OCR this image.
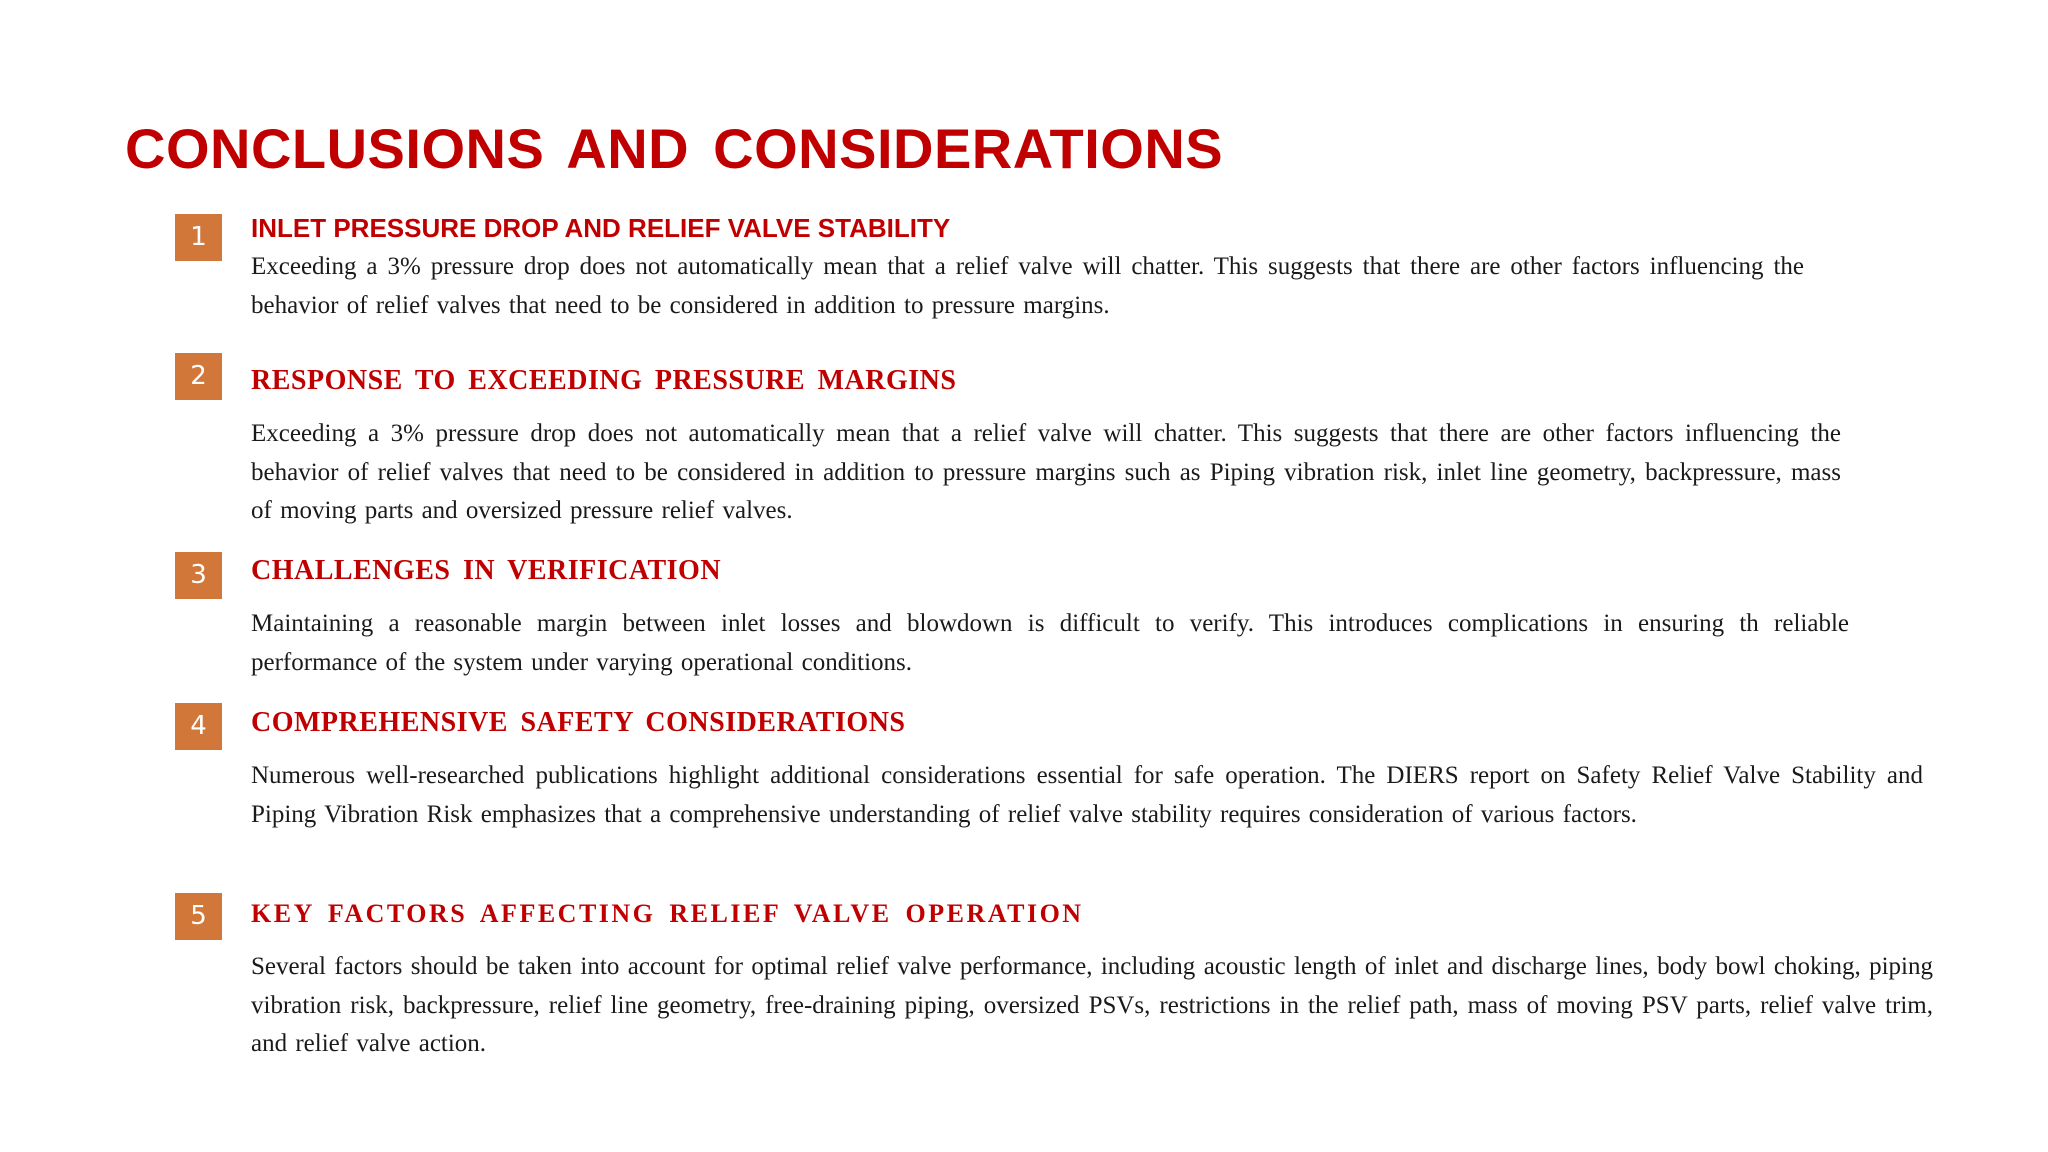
CONCLUSIONS AND CONSIDERATIONS
1	INLET PRESSURE DROP AND RELIEF VALVE STABILITY

Exceeding a 3% pressure drop does not automatically mean that a relief valve will chatter. This suggests that there are other factors influencing the behavior of relief valves that need to be considered in addition to pressure margins.

2	RESPONSE TO EXCEEDING PRESSURE MARGINS

Exceeding a 3% pressure drop does not automatically mean that a relief valve will chatter. This suggests that there are other factors influencing the behavior of relief valves that need to be considered in addition to pressure margins such as Piping vibration risk, inlet line geometry, backpressure, mass of moving parts and oversized pressure relief valves.

3	CHALLENGES IN VERIFICATION

Maintaining a reasonable margin between inlet losses and blowdown is difficult to verify. This introduces complications in ensuring th reliable performance of the system under varying operational conditions.

4	COMPREHENSIVE SAFETY CONSIDERATIONS

Numerous well-researched publications highlight additional considerations essential for safe operation. The DIERS report on Safety Relief Valve Stability and Piping Vibration Risk emphasizes that a comprehensive understanding of relief valve stability requires consideration of various factors.

5	KEY FACTORS AFFECTING RELIEF VALVE OPERATION

Several factors should be taken into account for optimal relief valve performance, including acoustic length of inlet and discharge lines, body bowl choking, piping vibration risk, backpressure, relief line geometry, free-draining piping, oversized PSVs, restrictions in the relief path, mass of moving PSV parts, relief valve trim, and relief valve action.
